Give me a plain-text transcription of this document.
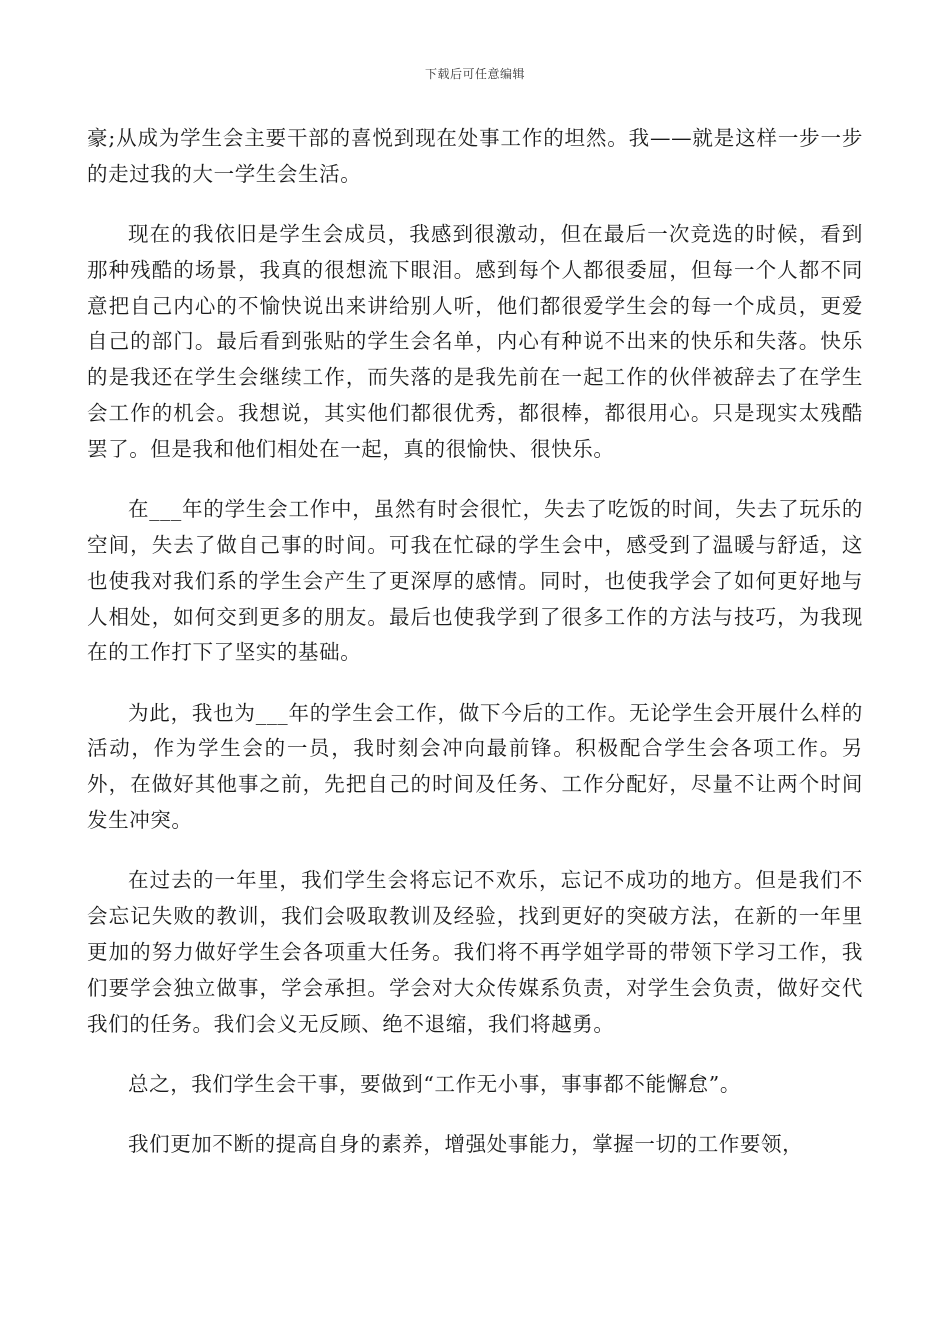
下载后可任意编辑

豪;从成为学生会主要干部的喜悦到现在处事工作的坦然。我——就是这样一步一步的走过我的大一学生会生活。

现在的我依旧是学生会成员，我感到很激动，但在最后一次竞选的时候，看到那种残酷的场景，我真的很想流下眼泪。感到每个人都很委屈，但每一个人都不同意把自己内心的不愉快说出来讲给别人听，他们都很爱学生会的每一个成员，更爱自己的部门。最后看到张贴的学生会名单，内心有种说不出来的快乐和失落。快乐的是我还在学生会继续工作，而失落的是我先前在一起工作的伙伴被辞去了在学生会工作的机会。我想说，其实他们都很优秀，都很棒，都很用心。只是现实太残酷罢了。但是我和他们相处在一起，真的很愉快、很快乐。

在___年的学生会工作中，虽然有时会很忙，失去了吃饭的时间，失去了玩乐的空间，失去了做自己事的时间。可我在忙碌的学生会中，感受到了温暖与舒适，这也使我对我们系的学生会产生了更深厚的感情。同时，也使我学会了如何更好地与人相处，如何交到更多的朋友。最后也使我学到了很多工作的方法与技巧，为我现在的工作打下了坚实的基础。

为此，我也为___年的学生会工作，做下今后的工作。无论学生会开展什么样的活动，作为学生会的一员，我时刻会冲向最前锋。积极配合学生会各项工作。另外，在做好其他事之前，先把自己的时间及任务、工作分配好，尽量不让两个时间发生冲突。

在过去的一年里，我们学生会将忘记不欢乐，忘记不成功的地方。但是我们不会忘记失败的教训，我们会吸取教训及经验，找到更好的突破方法，在新的一年里更加的努力做好学生会各项重大任务。我们将不再学姐学哥的带领下学习工作，我们要学会独立做事，学会承担。学会对大众传媒系负责，对学生会负责，做好交代我们的任务。我们会义无反顾、绝不退缩，我们将越勇。

总之，我们学生会干事，要做到“工作无小事，事事都不能懈怠”。

我们更加不断的提高自身的素养，增强处事能力，掌握一切的工作要领，
